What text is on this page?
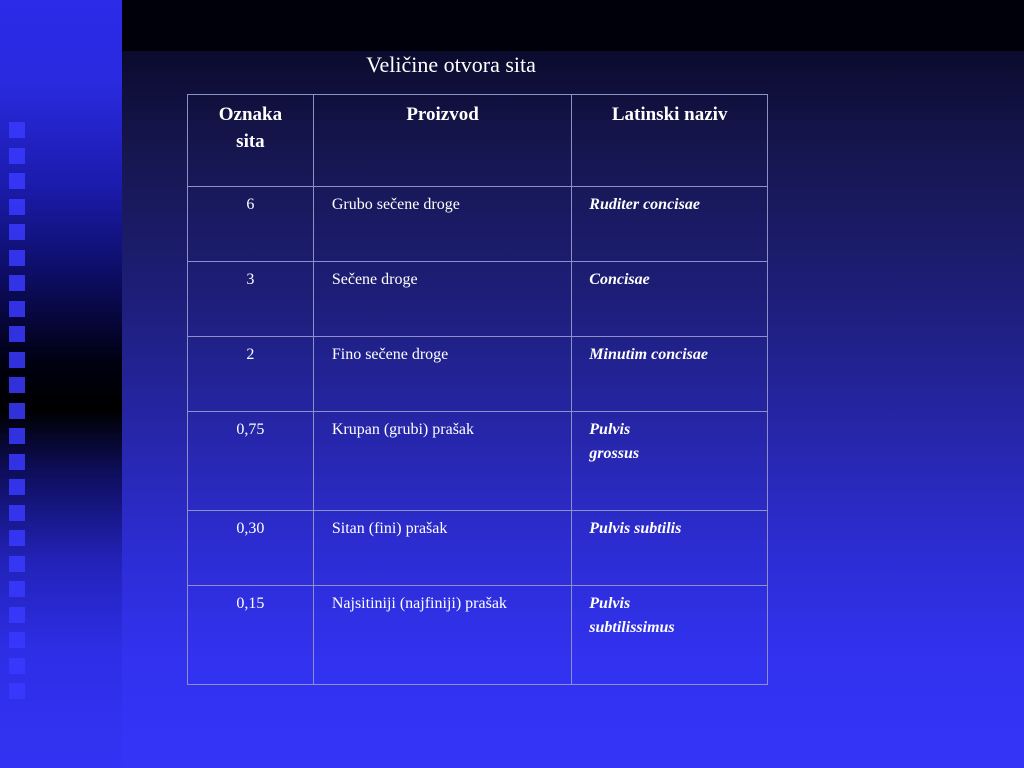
Veličine otvora sita
Oznaka sita	Proizvod	Latinski naziv
6	Grubo sečene droge	Ruditer concisae

3	Sečene droge	Concisae

2	Fino sečene droge	Minutim concisae

0,75	Krupan (grubi) prašak	Pulvis
grossus

0,30	Sitan (fini) prašak	Pulvis subtilis

0,15	Najsitiniji (najfiniji) prašak	Pulvis
subtilissimus
